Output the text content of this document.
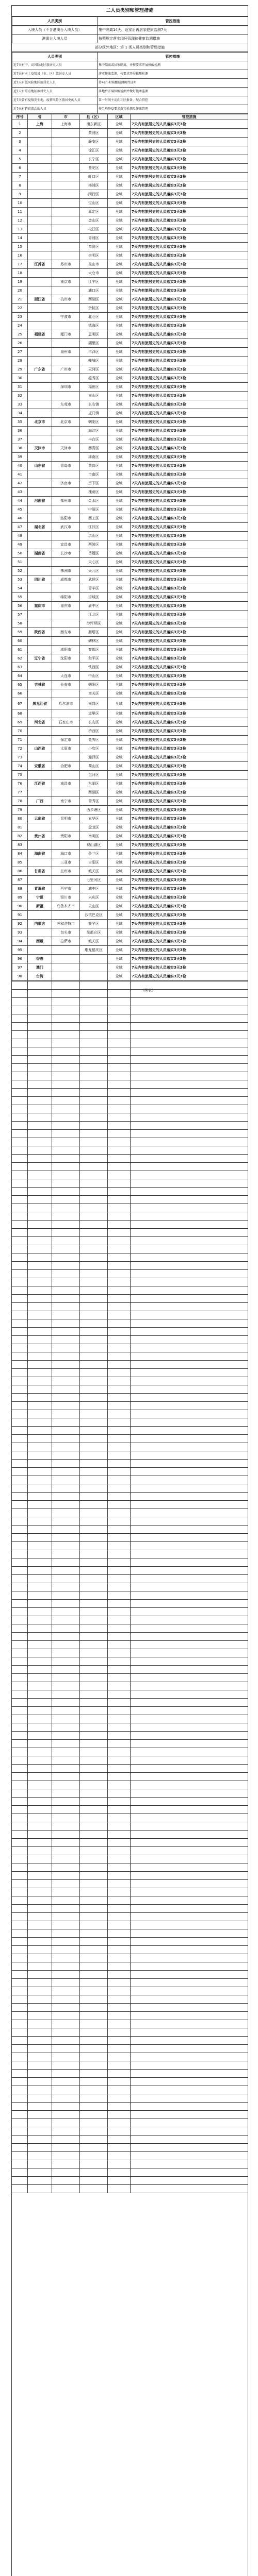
二人员类别和管理措施
人员类别	管控措施
入境人员（不含港澳台入境人员）	集中隔离14天，返家后再居家健康监测7天
港澳台入境人员	按照规定落实闭环管理和健康监测措施
部分区外地区：第 1 类人员类别和管理措施
人员类别	管控措施
近7天有中、高风险地区旅居史人员	集中隔离或居家隔离，并按要求开展核酸检测
近7天有本土疫情县（市、区）旅居史人员	落实健康监测，按要求开展核酸检测
近7天有低风险地区旅居史人员	持48小时核酸检测阴性证明
近7天有重点地区旅居史人员	落地后开展核酸检测并做好健康监测
近7天曾有疫情发生地，疫情风险区旅居史的人员	第一时间主动向社区报备，配合管控
近7天有跨省流动的人员	按当地防疫要求落实检测及健康管理
序号	省	市	县（区）	区域	管控措施
1	上海	上海市	浦东新区	全域	7天内有旅居史的人员落实3天3检
2			黄浦区	全域	7天内有旅居史的人员落实3天3检
3			静安区	全域	7天内有旅居史的人员落实3天3检
4			徐汇区	全域	7天内有旅居史的人员落实3天3检
5			长宁区	全域	7天内有旅居史的人员落实3天3检
6			普陀区	全域	7天内有旅居史的人员落实3天3检
7			虹口区	全域	7天内有旅居史的人员落实3天3检
8			杨浦区	全域	7天内有旅居史的人员落实3天3检
9			闵行区	全域	7天内有旅居史的人员落实3天3检
10			宝山区	全域	7天内有旅居史的人员落实3天3检
11			嘉定区	全域	7天内有旅居史的人员落实3天3检
12			金山区	全域	7天内有旅居史的人员落实3天3检
13			松江区	全域	7天内有旅居史的人员落实3天3检
14			青浦区	全域	7天内有旅居史的人员落实3天3检
15			奉贤区	全域	7天内有旅居史的人员落实3天3检
16			崇明区	全域	7天内有旅居史的人员落实3天3检
17	江苏省	苏州市	昆山市	全域	7天内有旅居史的人员落实3天3检
18			太仓市	全域	7天内有旅居史的人员落实3天3检
19		南京市	江宁区	全域	7天内有旅居史的人员落实3天3检
20			浦口区	全域	7天内有旅居史的人员落实3天3检
21	浙江省	杭州市	西湖区	全域	7天内有旅居史的人员落实3天3检
22			余杭区	全域	7天内有旅居史的人员落实3天3检
23		宁波市	北仑区	全域	7天内有旅居史的人员落实3天3检
24			镇海区	全域	7天内有旅居史的人员落实3天3检
25	福建省	厦门市	思明区	全域	7天内有旅居史的人员落实3天3检
26			湖里区	全域	7天内有旅居史的人员落实3天3检
27		泉州市	丰泽区	全域	7天内有旅居史的人员落实3天3检
28			鲤城区	全域	7天内有旅居史的人员落实3天3检
29	广东省	广州市	天河区	全域	7天内有旅居史的人员落实3天3检
30			越秀区	全域	7天内有旅居史的人员落实3天3检
31		深圳市	福田区	全域	7天内有旅居史的人员落实3天3检
32			南山区	全域	7天内有旅居史的人员落实3天3检
33		东莞市	长安镇	全域	7天内有旅居史的人员落实3天3检
34			虎门镇	全域	7天内有旅居史的人员落实3天3检
35	北京市	北京市	朝阳区	全域	7天内有旅居史的人员落实3天3检
36			海淀区	全域	7天内有旅居史的人员落实3天3检
37			丰台区	全域	7天内有旅居史的人员落实3天3检
38	天津市	天津市	西青区	全域	7天内有旅居史的人员落实3天3检
39			津南区	全域	7天内有旅居史的人员落实3天3检
40	山东省	青岛市	黄岛区	全域	7天内有旅居史的人员落实3天3检
41			市南区	全域	7天内有旅居史的人员落实3天3检
42		济南市	历下区	全域	7天内有旅居史的人员落实3天3检
43			槐荫区	全域	7天内有旅居史的人员落实3天3检
44	河南省	郑州市	金水区	全域	7天内有旅居史的人员落实3天3检
45			中原区	全域	7天内有旅居史的人员落实3天3检
46		洛阳市	西工区	全域	7天内有旅居史的人员落实3天3检
47	湖北省	武汉市	江汉区	全域	7天内有旅居史的人员落实3天3检
48			洪山区	全域	7天内有旅居史的人员落实3天3检
49		宜昌市	西陵区	全域	7天内有旅居史的人员落实3天3检
50	湖南省	长沙市	岳麓区	全域	7天内有旅居史的人员落实3天3检
51			天心区	全域	7天内有旅居史的人员落实3天3检
52		株洲市	天元区	全域	7天内有旅居史的人员落实3天3检
53	四川省	成都市	武侯区	全域	7天内有旅居史的人员落实3天3检
54			青羊区	全域	7天内有旅居史的人员落实3天3检
55		绵阳市	涪城区	全域	7天内有旅居史的人员落实3天3检
56	重庆市	重庆市	渝中区	全域	7天内有旅居史的人员落实3天3检
57			江北区	全域	7天内有旅居史的人员落实3天3检
58			沙坪坝区	全域	7天内有旅居史的人员落实3天3检
59	陕西省	西安市	雁塔区	全域	7天内有旅居史的人员落实3天3检
60			碑林区	全域	7天内有旅居史的人员落实3天3检
61		咸阳市	秦都区	全域	7天内有旅居史的人员落实3天3检
62	辽宁省	沈阳市	和平区	全域	7天内有旅居史的人员落实3天3检
63			铁西区	全域	7天内有旅居史的人员落实3天3检
64		大连市	中山区	全域	7天内有旅居史的人员落实3天3检
65	吉林省	长春市	朝阳区	全域	7天内有旅居史的人员落实3天3检
66			南关区	全域	7天内有旅居史的人员落实3天3检
67	黑龙江省	哈尔滨市	南岗区	全域	7天内有旅居史的人员落实3天3检
68			道里区	全域	7天内有旅居史的人员落实3天3检
69	河北省	石家庄市	长安区	全域	7天内有旅居史的人员落实3天3检
70			桥西区	全域	7天内有旅居史的人员落实3天3检
71		保定市	竞秀区	全域	7天内有旅居史的人员落实3天3检
72	山西省	太原市	小店区	全域	7天内有旅居史的人员落实3天3检
73			迎泽区	全域	7天内有旅居史的人员落实3天3检
74	安徽省	合肥市	蜀山区	全域	7天内有旅居史的人员落实3天3检
75			包河区	全域	7天内有旅居史的人员落实3天3检
76	江西省	南昌市	东湖区	全域	7天内有旅居史的人员落实3天3检
77			西湖区	全域	7天内有旅居史的人员落实3天3检
78	广西	南宁市	青秀区	全域	7天内有旅居史的人员落实3天3检
79			西乡塘区	全域	7天内有旅居史的人员落实3天3检
80	云南省	昆明市	五华区	全域	7天内有旅居史的人员落实3天3检
81			盘龙区	全域	7天内有旅居史的人员落实3天3检
82	贵州省	贵阳市	南明区	全域	7天内有旅居史的人员落实3天3检
83			观山湖区	全域	7天内有旅居史的人员落实3天3检
84	海南省	海口市	美兰区	全域	7天内有旅居史的人员落实3天3检
85		三亚市	吉阳区	全域	7天内有旅居史的人员落实3天3检
86	甘肃省	兰州市	城关区	全域	7天内有旅居史的人员落实3天3检
87			七里河区	全域	7天内有旅居史的人员落实3天3检
88	青海省	西宁市	城中区	全域	7天内有旅居史的人员落实3天3检
89	宁夏	银川市	兴庆区	全域	7天内有旅居史的人员落实3天3检
90	新疆	乌鲁木齐市	天山区	全域	7天内有旅居史的人员落实3天3检
91			沙依巴克区	全域	7天内有旅居史的人员落实3天3检
92	内蒙古	呼和浩特市	赛罕区	全域	7天内有旅居史的人员落实3天3检
93		包头市	昆都仑区	全域	7天内有旅居史的人员落实3天3检
94	西藏	拉萨市	城关区	全域	7天内有旅居史的人员落实3天3检
95			堆龙德庆区	全域	7天内有旅居史的人员落实3天3检
96	香港			全域	7天内有旅居史的人员落实3天3检
97	澳门			全域	7天内有旅居史的人员落实3天3检
98	台湾			全域	7天内有旅居史的人员落实3天3检
（续表）
